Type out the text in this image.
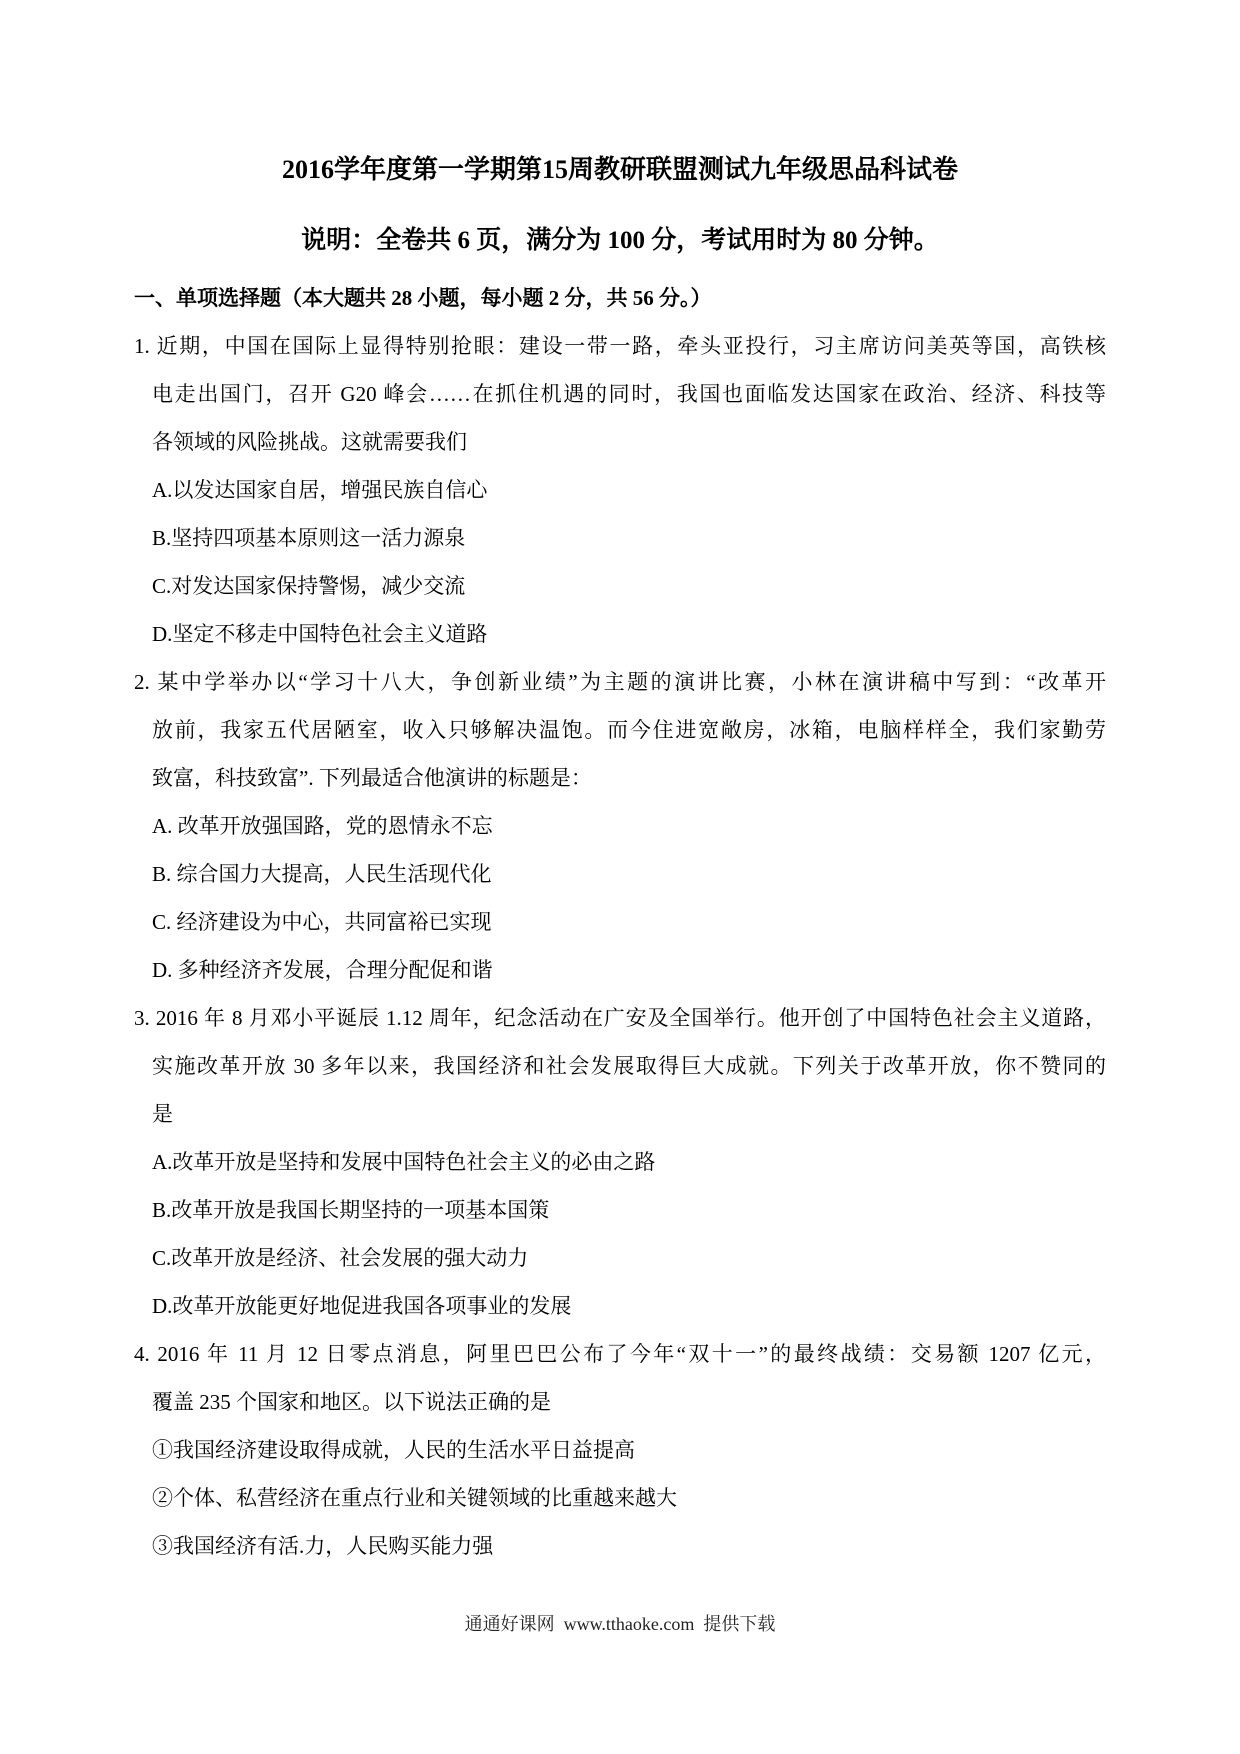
2016学年度第一学期第15周教研联盟测试九年级思品科试卷
说明：全卷共 6 页，满分为 100 分，考试用时为 80 分钟。
一、单项选择题（本大题共 28 小题，每小题 2 分，共 56 分。）
1. 近期，中国在国际上显得特别抢眼：建设一带一路，牵头亚投行，习主席访问美英等国，高铁核
电走出国门，召开 G20 峰会……在抓住机遇的同时，我国也面临发达国家在政治、经济、科技等
各领域的风险挑战。这就需要我们
A.以发达国家自居，增强民族自信心
B.坚持四项基本原则这一活力源泉
C.对发达国家保持警惕，减少交流
D.坚定不移走中国特色社会主义道路
2. 某中学举办以“学习十八大，争创新业绩”为主题的演讲比赛，小林在演讲稿中写到：“改革开
放前，我家五代居陋室，收入只够解决温饱。而今住进宽敞房，冰箱，电脑样样全，我们家勤劳
致富，科技致富”. 下列最适合他演讲的标题是：
A. 改革开放强国路，党的恩情永不忘
B. 综合国力大提高，人民生活现代化
C. 经济建设为中心，共同富裕已实现
D. 多种经济齐发展，合理分配促和谐
3. 2016 年 8 月邓小平诞辰 1.12 周年，纪念活动在广安及全国举行。他开创了中国特色社会主义道路，
实施改革开放 30 多年以来，我国经济和社会发展取得巨大成就。下列关于改革开放，你不赞同的
是
A.改革开放是坚持和发展中国特色社会主义的必由之路
B.改革开放是我国长期坚持的一项基本国策
C.改革开放是经济、社会发展的强大动力
D.改革开放能更好地促进我国各项事业的发展
4. 2016 年 11 月 12 日零点消息，阿里巴巴公布了今年“双十一”的最终战绩：交易额 1207 亿元，
覆盖 235 个国家和地区。以下说法正确的是
①我国经济建设取得成就，人民的生活水平日益提高
②个体、私营经济在重点行业和关键领域的比重越来越大
③我国经济有活.力，人民购买能力强
通通好课网  www.tthaoke.com  提供下载
